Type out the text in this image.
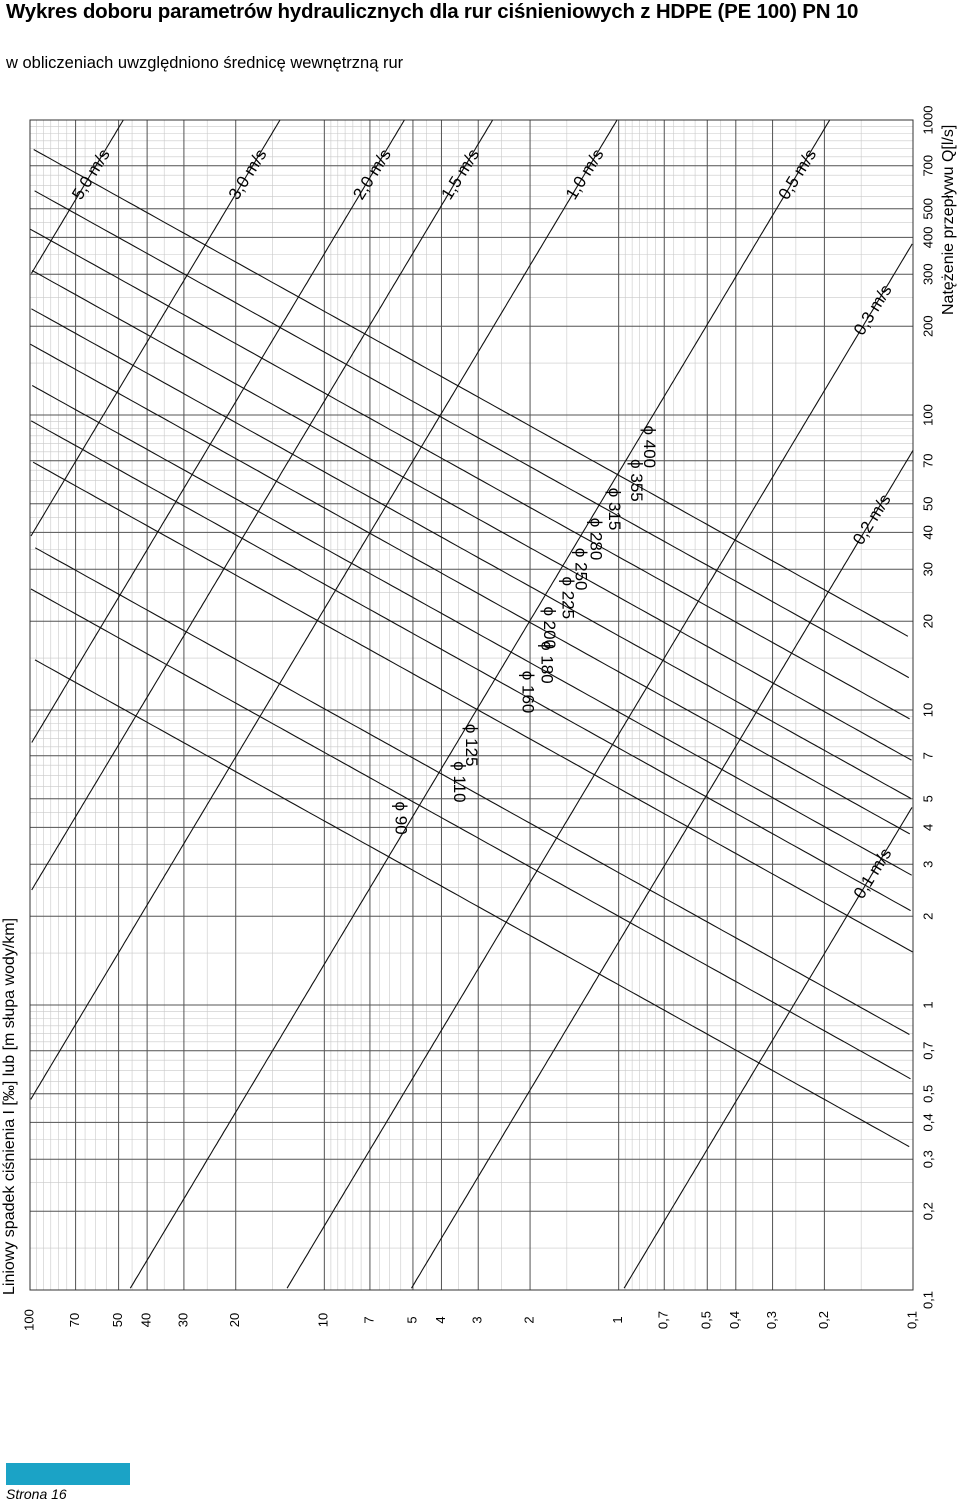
Wykres doboru parametrów hydraulicznych dla rur ciśnieniowych z HDPE (PE 100) PN 10
w obliczeniach uwzględniono średnicę wewnętrzną rur
ϕ 90
ϕ 110
ϕ 125
ϕ 160
ϕ 180
ϕ 200
ϕ 225
ϕ 250
ϕ 280
ϕ 315
ϕ 355
ϕ 400
0,1 m/s
0,2 m/s
0,3 m/s
0,5 m/s
1,0 m/s
1,5 m/s
2,0 m/s
3,0 m/s
5,0 m/s
0,1
0,2
0,3
0,4
0,5
0,7
1
2
3
4
5
7
10
20
30
40
50
70
100
200
300
400
500
700
1000
100 70 50 40 30	20	10 7 5 4 3	2	1 0,7 0,5 0,4 0,3	0,2	0,1
Liniowy spadek ciśnienia I [‰] lub [m słupa wody/km]
Natężenie przepływu Q[l/s]
Strona 16
